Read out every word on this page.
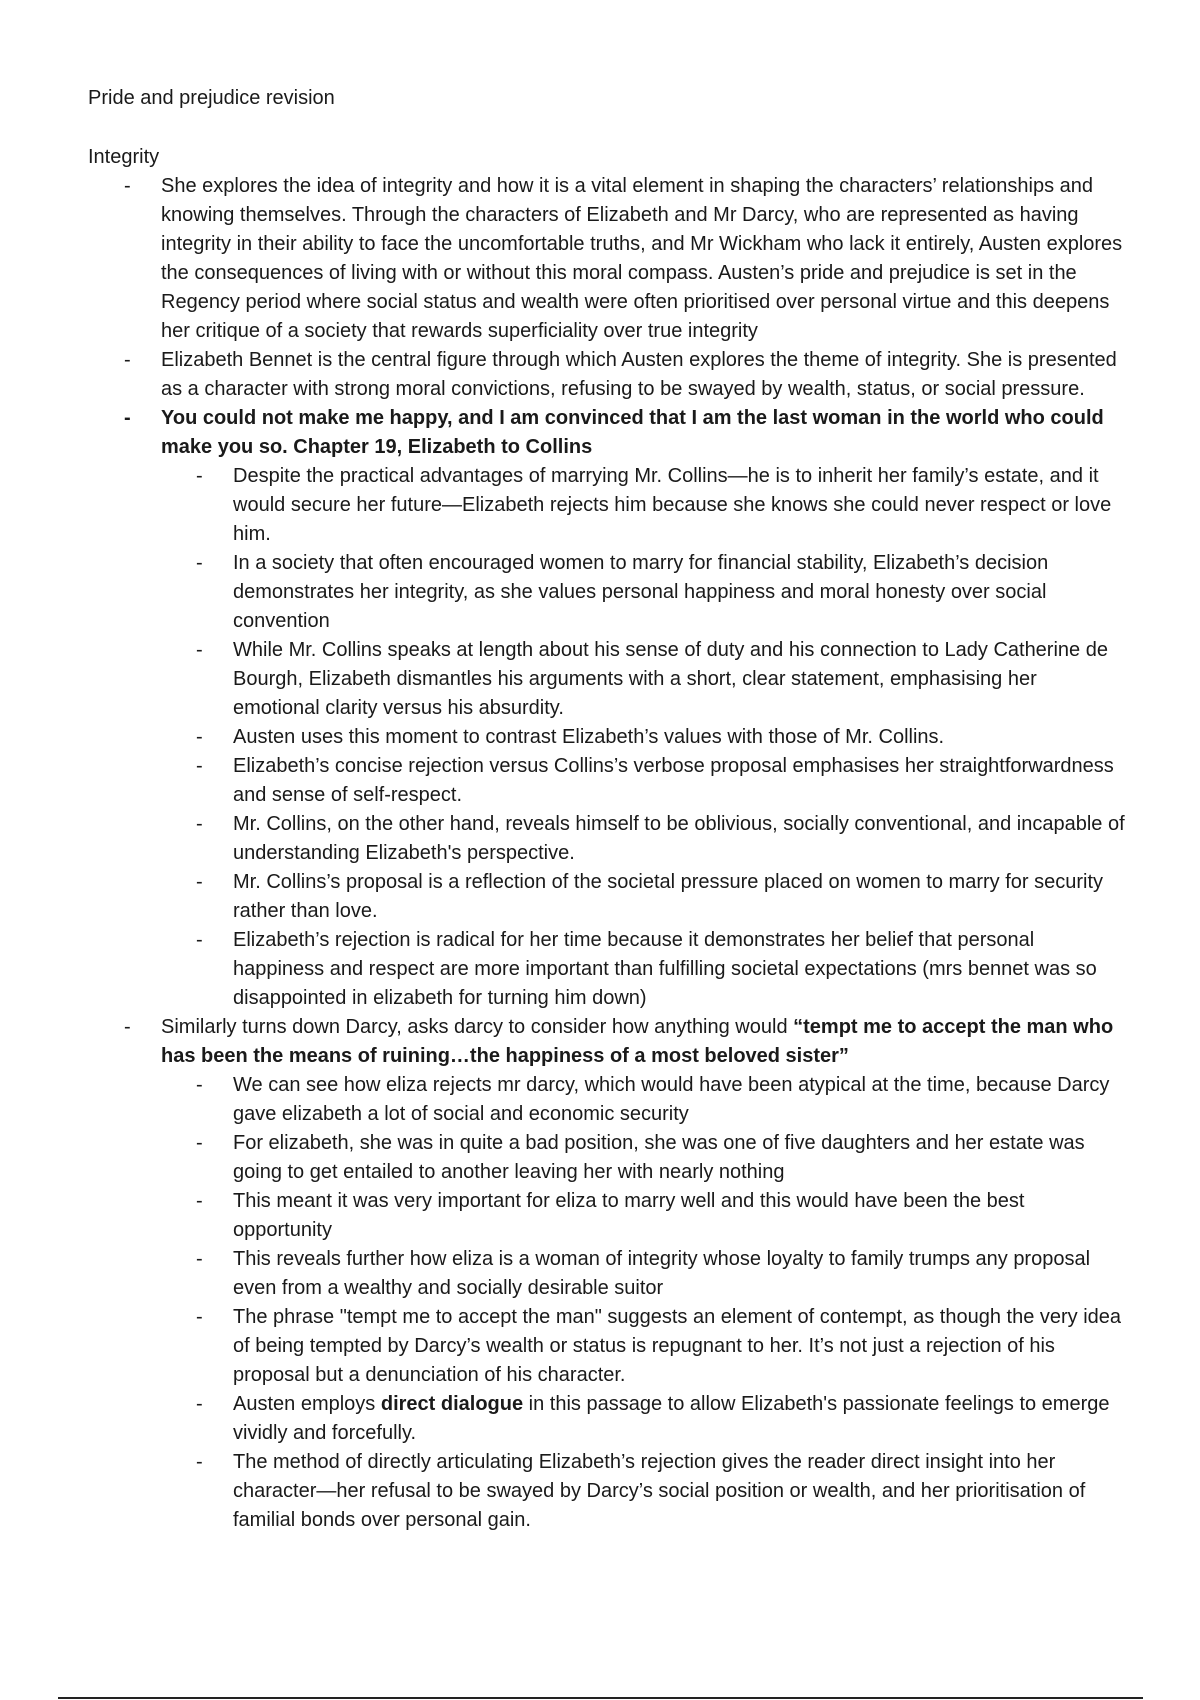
Pride and prejudice revision

Integrity

- She explores the idea of integrity and how it is a vital element in shaping the characters’ relationships and knowing themselves. Through the characters of Elizabeth and Mr Darcy, who are represented as having integrity in their ability to face the uncomfortable truths, and Mr Wickham who lack it entirely, Austen explores the consequences of living with or without this moral compass. Austen’s pride and prejudice is set in the Regency period where social status and wealth were often prioritised over personal virtue and this deepens her critique of a society that rewards superficiality over true integrity
- Elizabeth Bennet is the central figure through which Austen explores the theme of integrity. She is presented as a character with strong moral convictions, refusing to be swayed by wealth, status, or social pressure.
- You could not make me happy, and I am convinced that I am the last woman in the world who could make you so. Chapter 19, Elizabeth to Collins
- Despite the practical advantages of marrying Mr. Collins—he is to inherit her family’s estate, and it would secure her future—Elizabeth rejects him because she knows she could never respect or love him.
- In a society that often encouraged women to marry for financial stability, Elizabeth’s decision demonstrates her integrity, as she values personal happiness and moral honesty over social convention
- While Mr. Collins speaks at length about his sense of duty and his connection to Lady Catherine de Bourgh, Elizabeth dismantles his arguments with a short, clear statement, emphasising her emotional clarity versus his absurdity.
- Austen uses this moment to contrast Elizabeth’s values with those of Mr. Collins.
- Elizabeth’s concise rejection versus Collins’s verbose proposal emphasises her straightforwardness and sense of self-respect.
- Mr. Collins, on the other hand, reveals himself to be oblivious, socially conventional, and incapable of understanding Elizabeth's perspective.
- Mr. Collins’s proposal is a reflection of the societal pressure placed on women to marry for security rather than love.
- Elizabeth’s rejection is radical for her time because it demonstrates her belief that personal happiness and respect are more important than fulfilling societal expectations (mrs bennet was so disappointed in elizabeth for turning him down)
- Similarly turns down Darcy, asks darcy to consider how anything would “tempt me to accept the man who has been the means of ruining…the happiness of a most beloved sister”
- We can see how eliza rejects mr darcy, which would have been atypical at the time, because Darcy gave elizabeth a lot of social and economic security
- For elizabeth, she was in quite a bad position, she was one of five daughters and her estate was going to get entailed to another leaving her with nearly nothing
- This meant it was very important for eliza to marry well and this would have been the best opportunity
- This reveals further how eliza is a woman of integrity whose loyalty to family trumps any proposal even from a wealthy and socially desirable suitor
- The phrase "tempt me to accept the man" suggests an element of contempt, as though the very idea of being tempted by Darcy’s wealth or status is repugnant to her. It’s not just a rejection of his proposal but a denunciation of his character.
- Austen employs direct dialogue in this passage to allow Elizabeth's passionate feelings to emerge vividly and forcefully.
- The method of directly articulating Elizabeth’s rejection gives the reader direct insight into her character—her refusal to be swayed by Darcy’s social position or wealth, and her prioritisation of familial bonds over personal gain.
